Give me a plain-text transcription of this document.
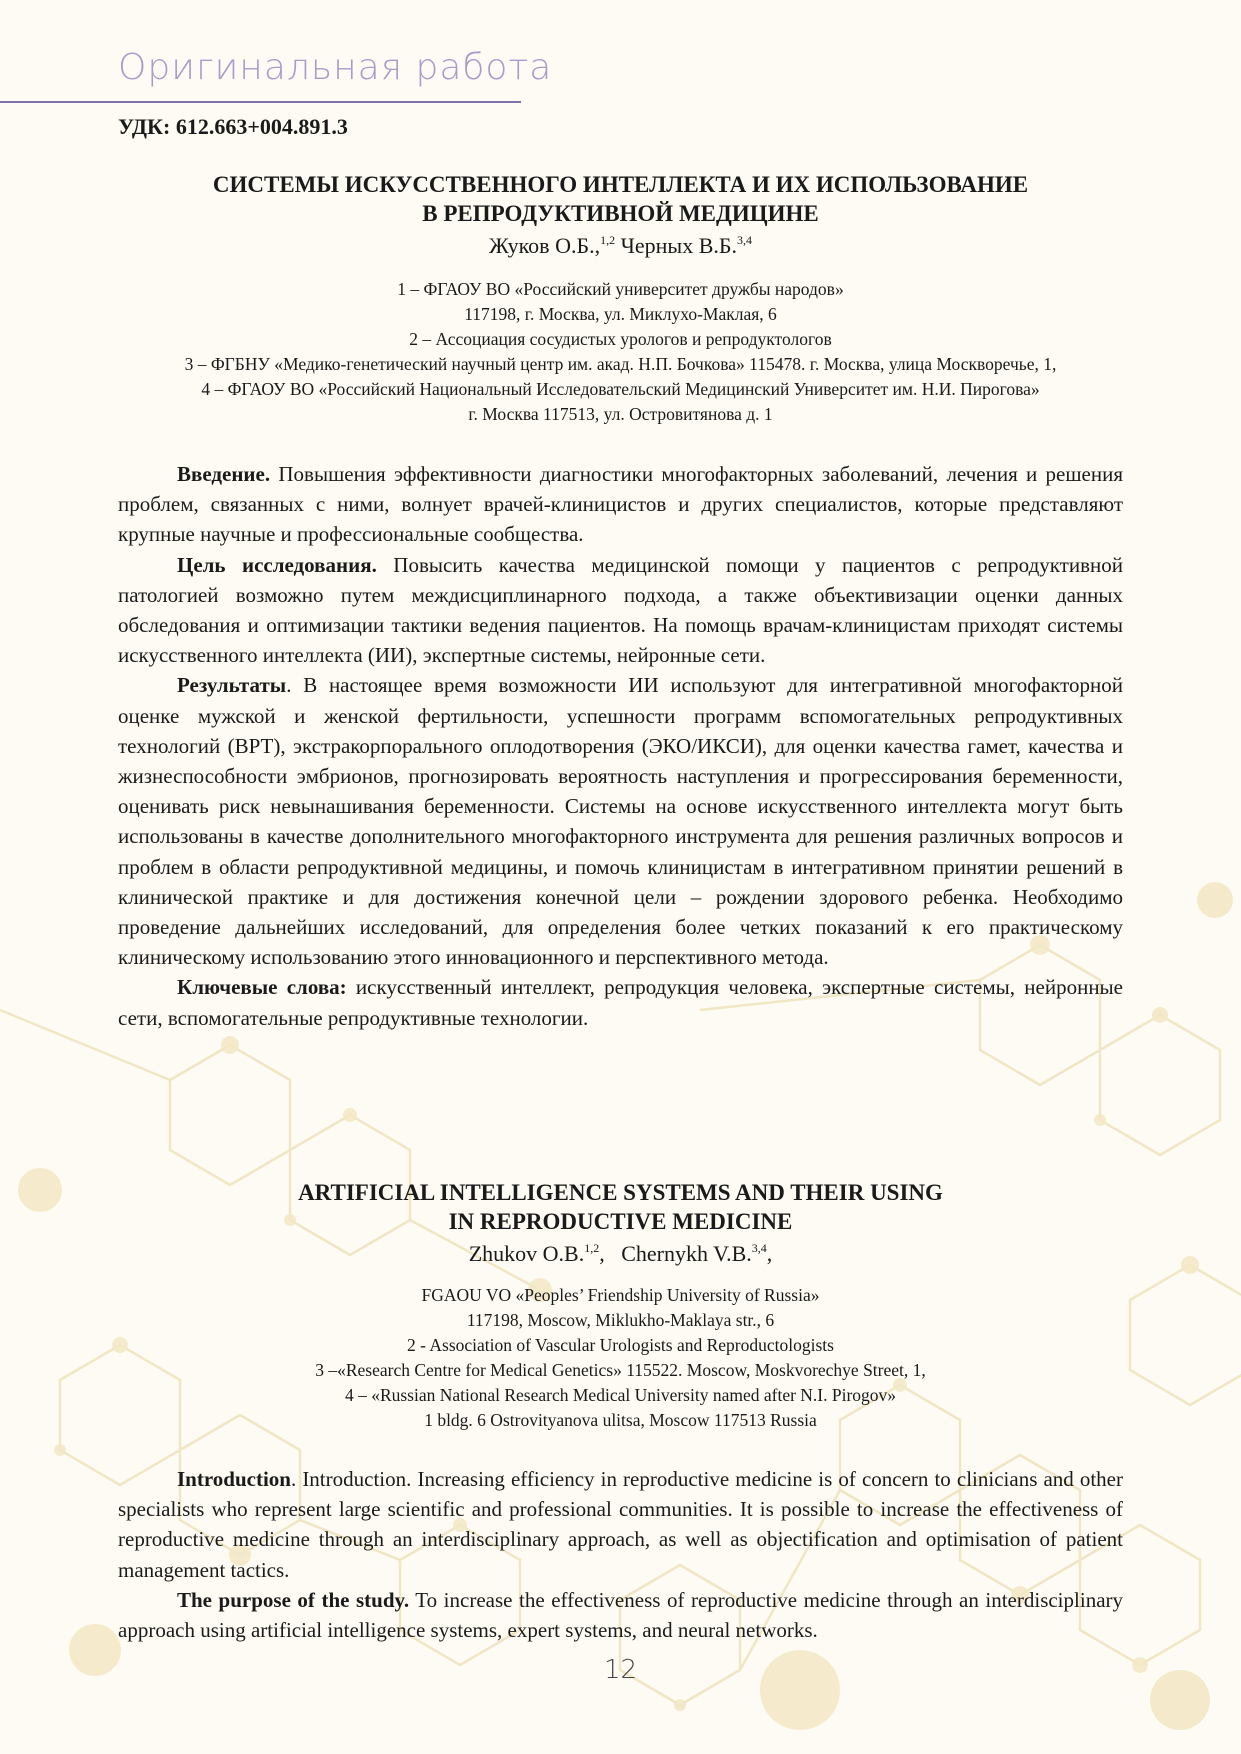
Оригинальная работа
УДК: 612.663+004.891.3
СИСТЕМЫ ИСКУССТВЕННОГО ИНТЕЛЛЕКТА И ИХ ИСПОЛЬЗОВАНИЕ
В РЕПРОДУКТИВНОЙ МЕДИЦИНЕ
Жуков О.Б.,$^{1,2}$ Черных В.Б.$^{3,4}$
1 – ФГАОУ ВО «Российский университет дружбы народов»
117198, г. Москва, ул. Миклухо-Маклая, 6
2 – Ассоциация сосудистых урологов и репродуктологов
3 – ФГБНУ «Медико-генетический научный центр им. акад. Н.П. Бочкова» 115478. г. Москва, улица Москворечье, 1,
4 – ФГАОУ ВО «Российский Национальный Исследовательский Медицинский Университет им. Н.И. Пирогова»
г. Москва 117513, ул. Островитянова д. 1

Введение. Повышения эффективности диагностики многофакторных заболеваний, лечения и решения проблем, связанных с ними, волнует врачей-клиницистов и других специалистов, которые представляют крупные научные и профессиональные сообщества.

Цель исследования. Повысить качества медицинской помощи у пациентов с репродуктивной патологией возможно путем междисциплинарного подхода, а также объективизации оценки данных обследования и оптимизации тактики ведения пациентов. На помощь врачам-клиницистам приходят системы искусственного интеллекта (ИИ), экспертные системы, нейронные сети.

Результаты. В настоящее время возможности ИИ используют для интегративной многофакторной оценке мужской и женской фертильности, успешности программ вспомогательных репродуктивных технологий (ВРТ), экстракорпорального оплодотворения (ЭКО/ИКСИ), для оценки качества гамет, качества и жизнеспособности эмбрионов, прогнозировать вероятность наступления и прогрессирования беременности, оценивать риск невынашивания беременности. Системы на основе искусственного интеллекта могут быть использованы в качестве дополнительного многофакторного инструмента для решения различных вопросов и проблем в области репродуктивной медицины, и помочь клиницистам в интегративном принятии решений в клинической практике и для достижения конечной цели – рождении здорового ребенка. Необходимо проведение дальнейших исследований, для определения более четких показаний к его практическому клиническому использованию этого инновационного и перспективного метода.

Ключевые слова: искусственный интеллект, репродукция человека, экспертные системы, нейронные сети, вспомогательные репродуктивные технологии.

ARTIFICIAL INTELLIGENCE SYSTEMS AND THEIR USING
IN REPRODUCTIVE MEDICINE
Zhukov O.B.$^{1,2}$,   Chernykh V.B.$^{3,4}$,
FGAOU VO «Peoples’ Friendship University of Russia»
117198, Moscow, Miklukho-Maklaya str., 6
2 - Association of Vascular Urologists and Reproductologists
3 –«Research Centre for Medical Genetics» 115522. Moscow, Moskvorechye Street, 1,
4 – «Russian National Research Medical University named after N.I. Pirogov»
1 bldg. 6 Ostrovityanova ulitsa, Moscow 117513 Russia

Introduction. Introduction. Increasing efficiency in reproductive medicine is of concern to clinicians and other specialists who represent large scientific and professional communities. It is possible to increase the effectiveness of reproductive medicine through an interdisciplinary approach, as well as objectification and optimisation of patient management tactics.

The purpose of the study. To increase the effectiveness of reproductive medicine through an interdisciplinary approach using artificial intelligence systems, expert systems, and neural networks.

12
